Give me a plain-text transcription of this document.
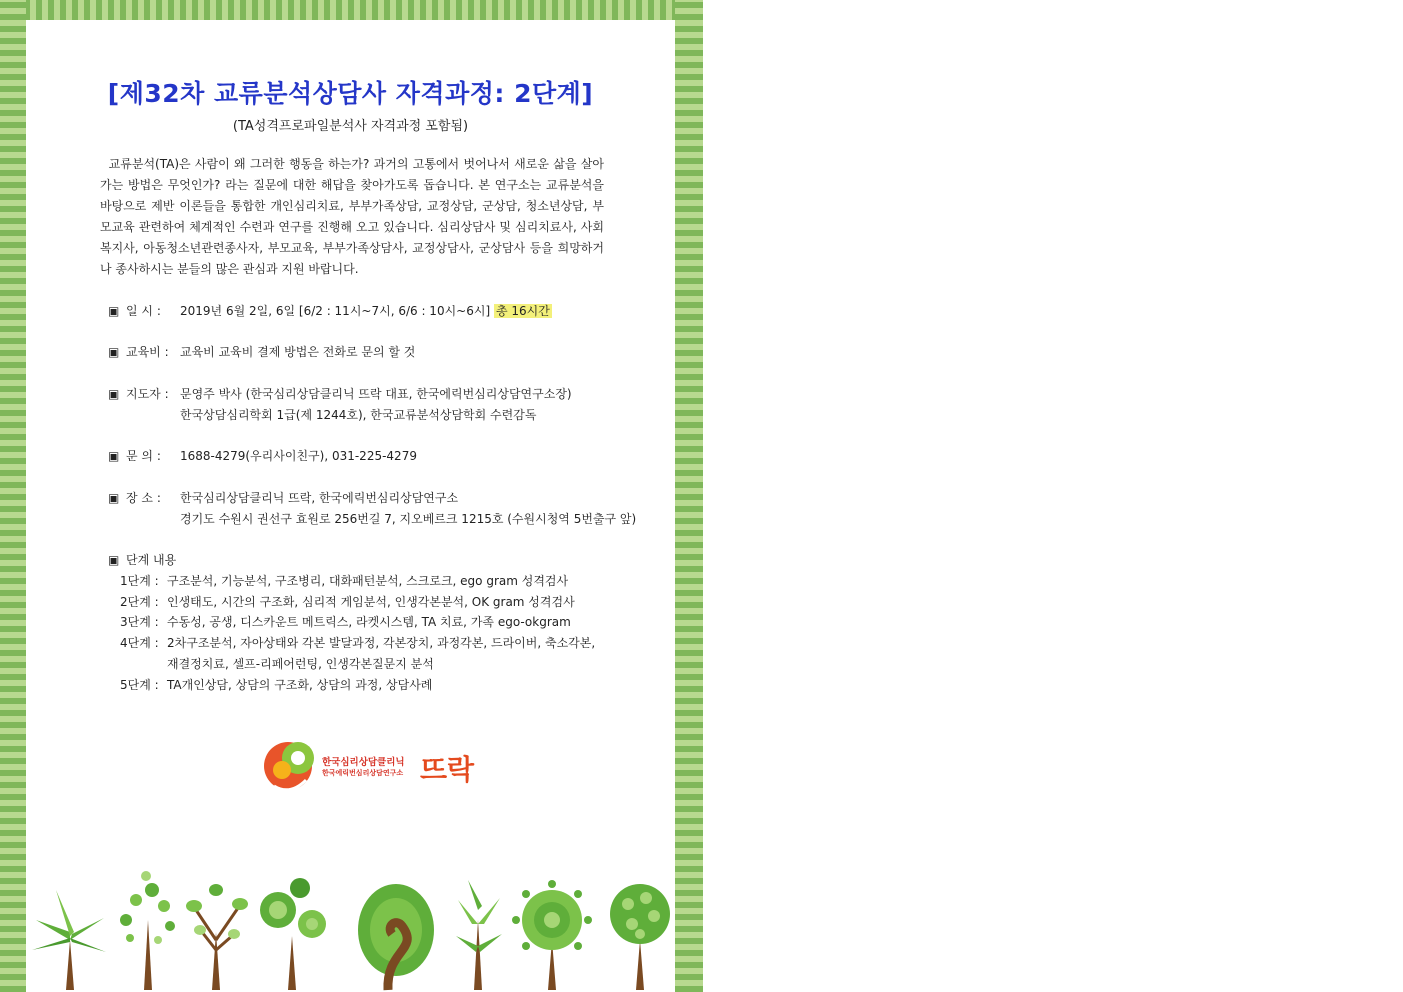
[제32차 교류분석상담사 자격과정: 2단계]
(TA성격프로파일분석사 자격과정 포함됨)
교류분석(TA)은 사람이 왜 그러한 행동을 하는가? 과거의 고통에서 벗어나서 새로운 삶을 살아가는 방법은 무엇인가? 라는 질문에 대한 해답을 찾아가도록 돕습니다. 본 연구소는 교류분석을 바탕으로 제반 이론들을 통합한 개인심리치료, 부부가족상담, 교정상담, 군상담, 청소년상담, 부모교육 관련하여 체계적인 수련과 연구를 진행해 오고 있습니다. 심리상담사 및 심리치료사, 사회복지사, 아동청소년관련종사자, 부모교육, 부부가족상담사, 교정상담사, 군상담사 등을 희망하거나 종사하시는 분들의 많은 관심과 지원 바랍니다.
▣ 일 시 : 2019년 6월 2일, 6일 [6/2 : 11시~7시, 6/6 : 10시~6시] 총 16시간
▣ 교육비 : 교육비 교육비 결제 방법은 전화로 문의 할 것
▣ 지도자 : 문영주 박사 (한국심리상담클리닉 뜨락 대표, 한국에릭번심리상담연구소장)
한국상담심리학회 1급(제 1244호), 한국교류분석상담학회 수련감독
▣ 문 의 : 1688-4279(우리사이친구), 031-225-4279
▣ 장 소 : 한국심리상담클리닉 뜨락, 한국에릭번심리상담연구소
경기도 수원시 권선구 효원로 256번길 7, 지오베르크 1215호 (수원시청역 5번출구 앞)
▣ 단계 내용
1단계 : 구조분석, 기능분석, 구조병리, 대화패턴분석, 스크로크, ego gram 성격검사
2단계 : 인생태도, 시간의 구조화, 심리적 게임분석, 인생각본분석, OK gram 성격검사
3단계 : 수동성, 공생, 디스카운트 메트릭스, 라켓시스템, TA 치료, 가족 ego-okgram
4단계 : 2차구조분석, 자아상태와 각본 발달과정, 각본장치, 과정각본, 드라이버, 축소각본,
재결정치료, 셀프-리페어런팅, 인생각본질문지 분석
5단계 : TA개인상담, 상담의 구조화, 상담의 과정, 상담사례
한국심리상담클리닉
한국에릭번심리상담연구소 뜨락
